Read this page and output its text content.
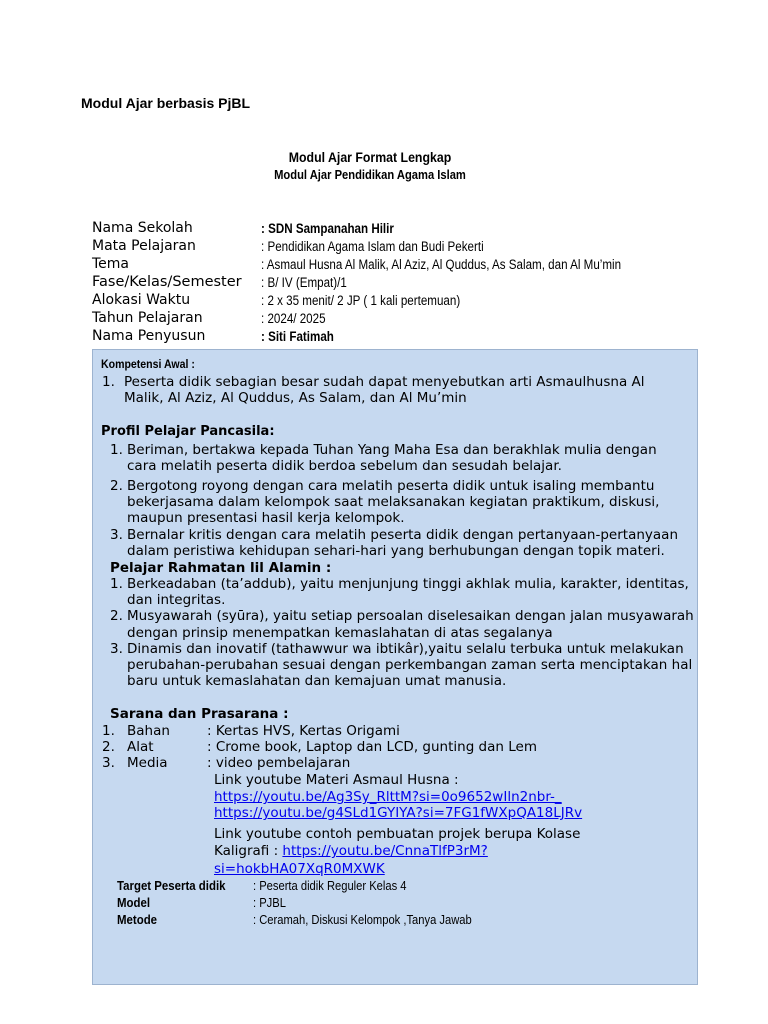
Modul Ajar berbasis PjBL
Modul Ajar Format Lengkap
Modul Ajar Pendidikan Agama Islam
Nama Sekolah	: SDN Sampanahan Hilir
Mata Pelajaran	: Pendidikan Agama Islam dan Budi Pekerti
Tema	: Asmaul Husna Al Malik, Al Aziz, Al Quddus, As Salam, dan Al Mu’min
Fase/Kelas/Semester : B/ IV (Empat)/1
Alokasi Waktu	: 2 x 35 menit/ 2 JP ( 1 kali pertemuan)
Tahun Pelajaran	: 2024/ 2025
Nama Penyusun	: Siti Fatimah
Kompetensi Awal :
1. Peserta didik sebagian besar sudah dapat menyebutkan arti Asmaulhusna Al
Malik, Al Aziz, Al Quddus, As Salam, dan Al Mu’min
Profil Pelajar Pancasila:
1. Beriman, bertakwa kepada Tuhan Yang Maha Esa dan berakhlak mulia dengan
cara melatih peserta didik berdoa sebelum dan sesudah belajar.
2. Bergotong royong dengan cara melatih peserta didik untuk isaling membantu
bekerjasama dalam kelompok saat melaksanakan kegiatan praktikum, diskusi,
maupun presentasi hasil kerja kelompok.
3. Bernalar kritis dengan cara melatih peserta didik dengan pertanyaan-pertanyaan
dalam peristiwa kehidupan sehari-hari yang berhubungan dengan topik materi.
Pelajar Rahmatan lil Alamin :
1. Berkeadaban (ta’addub), yaitu menjunjung tinggi akhlak mulia, karakter, identitas,
dan integritas.
2. Musyawarah (syūra), yaitu setiap persoalan diselesaikan dengan jalan musyawarah
dengan prinsip menempatkan kemaslahatan di atas segalanya
3. Dinamis dan inovatif (tathawwur wa ibtikâr),yaitu selalu terbuka untuk melakukan
perubahan-perubahan sesuai dengan perkembangan zaman serta menciptakan hal
baru untuk kemaslahatan dan kemajuan umat manusia.
Sarana dan Prasarana :
1. Bahan	: Kertas HVS, Kertas Origami
2. Alat	: Crome book, Laptop dan LCD, gunting dan Lem
3. Media	: video pembelajaran
Link youtube Materi Asmaul Husna :
https://youtu.be/Ag3Sy_RlttM?si=0o9652wIln2nbr-_
https://youtu.be/g4SLd1GYIYA?si=7FG1fWXpQA18LJRv
Link youtube contoh pembuatan projek berupa Kolase
Kaligrafi : https://youtu.be/CnnaTlfP3rM?
si=hokbHA07XqR0MXWK
Target Peserta didik : Peserta didik Reguler Kelas 4
Model	: PJBL
Metode	: Ceramah, Diskusi Kelompok ,Tanya Jawab
